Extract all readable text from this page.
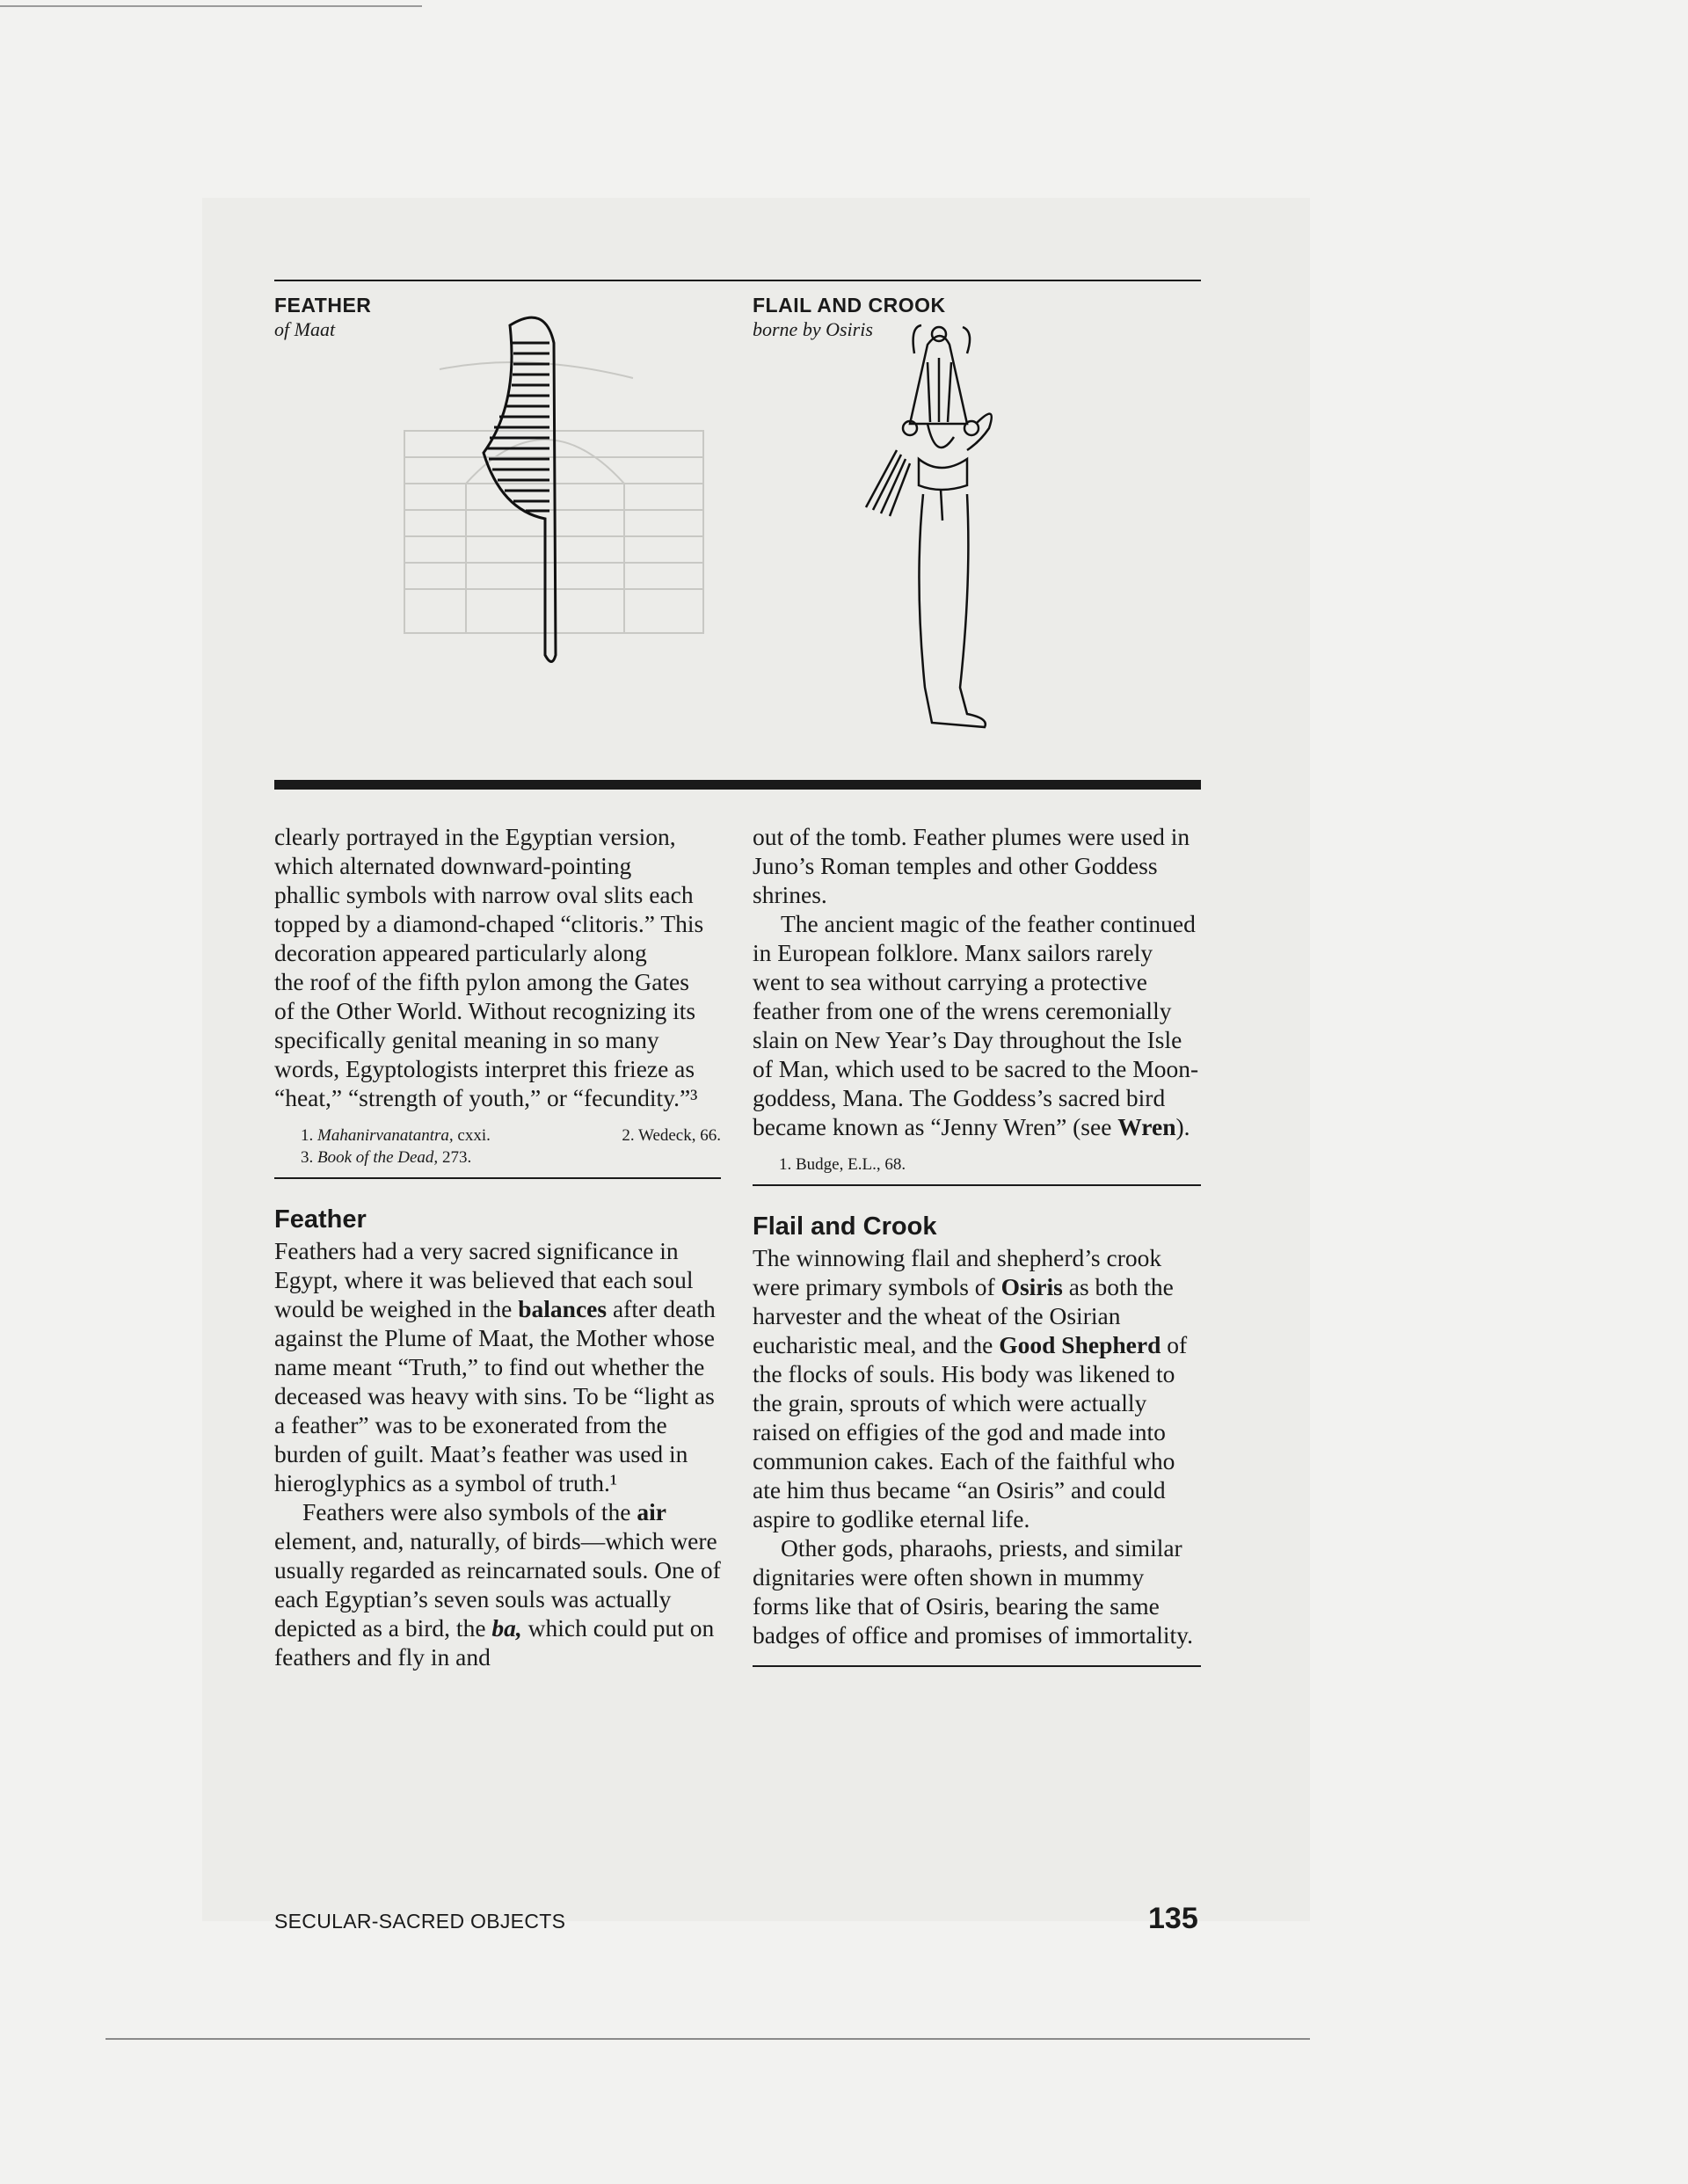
FEATHER
of Maat
FLAIL AND CROOK
borne by Osiris
clearly portrayed in the Egyptian version,
which alternated downward-pointing
phallic symbols with narrow oval slits each
topped by a diamond-chaped “clitoris.” This
decoration appeared particularly along
the roof of the fifth pylon among the Gates
of the Other World. Without recognizing its
specifically genital meaning in so many
words, Egyptologists interpret this frieze as
“heat,” “strength of youth,” or “fecundity.”³
1. Mahanirvanatantra, cxxi.	2. Wedeck, 66.
3. Book of the Dead, 273.
Feather

Feathers had a very sacred significance in Egypt, where it was believed that each soul would be weighed in the balances after death against the Plume of Maat, the Mother whose name meant “Truth,” to find out whether the deceased was heavy with sins. To be “light as a feather” was to be exonerated from the burden of guilt. Maat’s feather was used in hieroglyphics as a symbol of truth.¹

Feathers were also symbols of the air element, and, naturally, of birds—which were usually regarded as reincarnated souls. One of each Egyptian’s seven souls was actually depicted as a bird, the ba, which could put on feathers and fly in and

out of the tomb. Feather plumes were used in Juno’s Roman temples and other Goddess shrines.

The ancient magic of the feather continued in European folklore. Manx sailors rarely went to sea without carrying a protective feather from one of the wrens ceremonially slain on New Year’s Day throughout the Isle of Man, which used to be sacred to the Moon-goddess, Mana. The Goddess’s sacred bird became known as “Jenny Wren” (see Wren).

1. Budge, E.L., 68.
Flail and Crook

The winnowing flail and shepherd’s crook were primary symbols of Osiris as both the harvester and the wheat of the Osirian eucharistic meal, and the Good Shepherd of the flocks of souls. His body was likened to the grain, sprouts of which were actually raised on effigies of the god and made into communion cakes. Each of the faithful who ate him thus became “an Osiris” and could aspire to godlike eternal life.

Other gods, pharaohs, priests, and similar dignitaries were often shown in mummy forms like that of Osiris, bearing the same badges of office and promises of immortality.

SECULAR-SACRED OBJECTS	135
